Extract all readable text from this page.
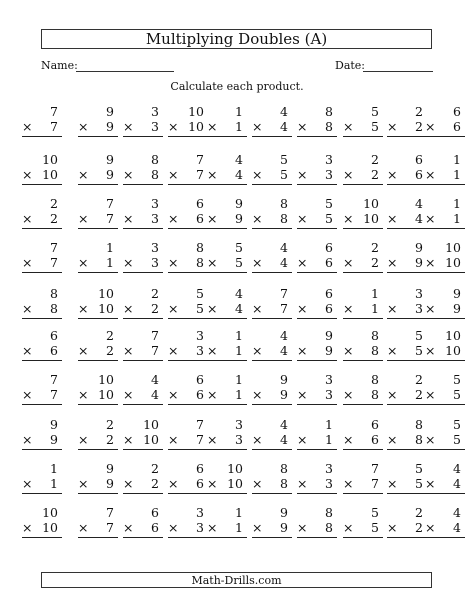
Multiplying Doubles (A)
Name:	Date:
Calculate each product.
7
× 7
9
× 9
3
× 3
10
× 10
1
× 1
4
× 4
8
× 8
5
× 5
2
× 2
6
× 6
10
× 10
9
× 9
8
× 8
7
× 7
4
× 4
5
× 5
3
× 3
2
× 2
6
× 6
1
× 1
2
× 2
7
× 7
3
× 3
6
× 6
9
× 9
8
× 8
5
× 5
10
× 10
4
× 4
1
× 1
7
× 7
1
× 1
3
× 3
8
× 8
5
× 5
4
× 4
6
× 6
2
× 2
9
× 9
10
× 10
8
× 8
10
× 10
2
× 2
5
× 5
4
× 4
7
× 7
6
× 6
1
× 1
3
× 3
9
× 9
6
× 6
2
× 2
7
× 7
3
× 3
1
× 1
4
× 4
9
× 9
8
× 8
5
× 5
10
× 10
7
× 7
10
× 10
4
× 4
6
× 6
1
× 1
9
× 9
3
× 3
8
× 8
2
× 2
5
× 5
9
× 9
2
× 2
10
× 10
7
× 7
3
× 3
4
× 4
1
× 1
6
× 6
8
× 8
5
× 5
1
× 1
9
× 9
2
× 2
6
× 6
10
× 10
8
× 8
3
× 3
7
× 7
5
× 5
4
× 4
10
× 10
7
× 7
6
× 6
3
× 3
1
× 1
9
× 9
8
× 8
5
× 5
2
× 2
4
× 4
Math-Drills.com
